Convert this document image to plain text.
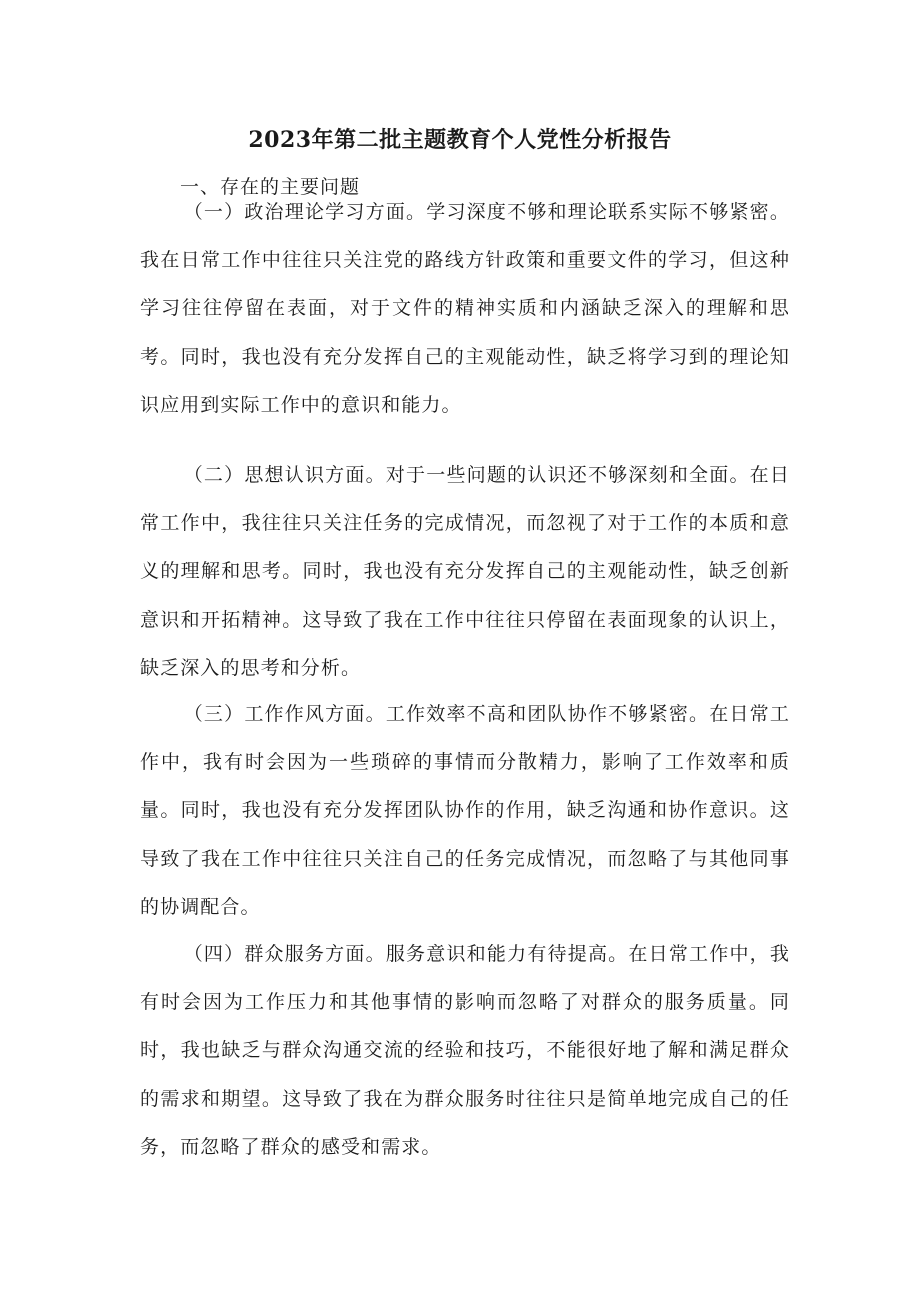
2023年第二批主题教育个人党性分析报告

一、存在的主要问题

（一）政治理论学习方面。学习深度不够和理论联系实际不够紧密。我在日常工作中往往只关注党的路线方针政策和重要文件的学习，但这种学习往往停留在表面，对于文件的精神实质和内涵缺乏深入的理解和思考。同时，我也没有充分发挥自己的主观能动性，缺乏将学习到的理论知识应用到实际工作中的意识和能力。

（二）思想认识方面。对于一些问题的认识还不够深刻和全面。在日常工作中，我往往只关注任务的完成情况，而忽视了对于工作的本质和意义的理解和思考。同时，我也没有充分发挥自己的主观能动性，缺乏创新意识和开拓精神。这导致了我在工作中往往只停留在表面现象的认识上，缺乏深入的思考和分析。

（三）工作作风方面。工作效率不高和团队协作不够紧密。在日常工作中，我有时会因为一些琐碎的事情而分散精力，影响了工作效率和质量。同时，我也没有充分发挥团队协作的作用，缺乏沟通和协作意识。这导致了我在工作中往往只关注自己的任务完成情况，而忽略了与其他同事的协调配合。

（四）群众服务方面。服务意识和能力有待提高。在日常工作中，我有时会因为工作压力和其他事情的影响而忽略了对群众的服务质量。同时，我也缺乏与群众沟通交流的经验和技巧，不能很好地了解和满足群众的需求和期望。这导致了我在为群众服务时往往只是简单地完成自己的任务，而忽略了群众的感受和需求。
